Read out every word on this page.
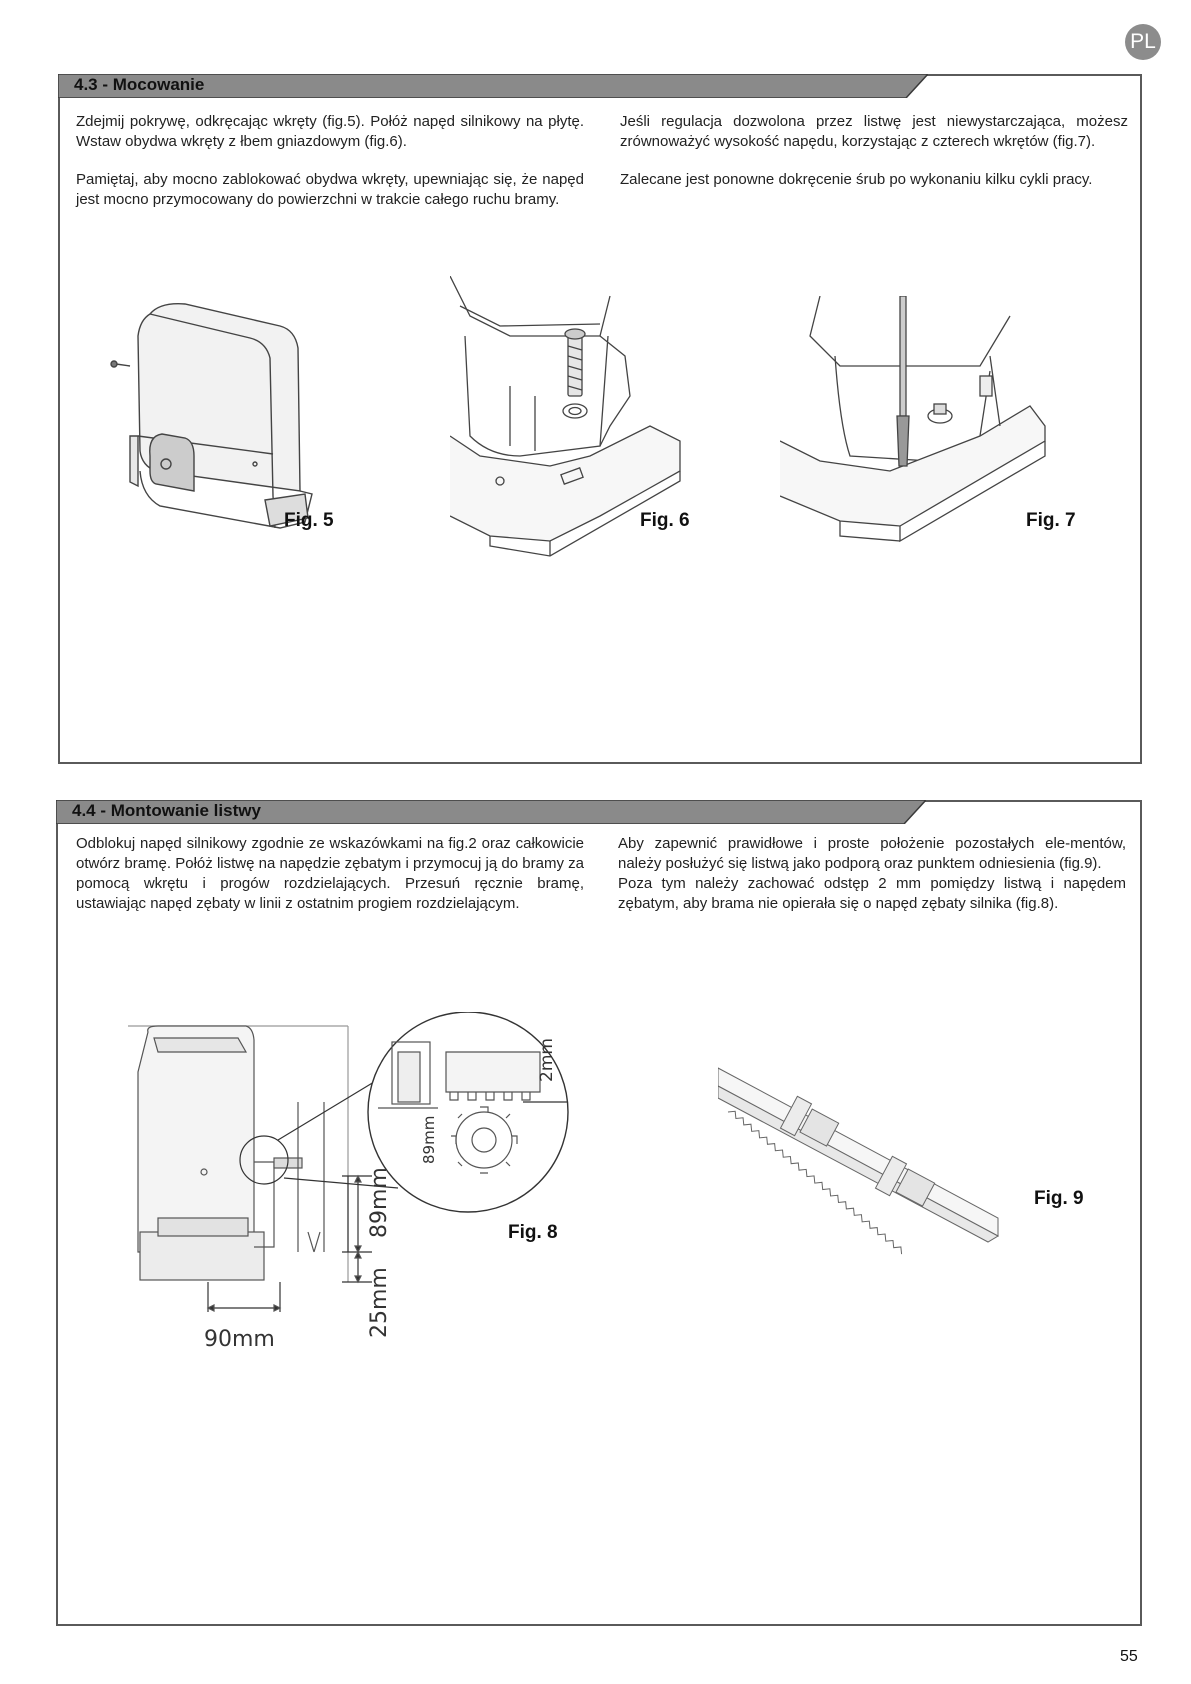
PL
4.3 - Mocowanie

Zdejmij pokrywę, odkręcając wkręty (fig.5). Połóż napęd silnikowy na płytę. Wstaw obydwa wkręty z łbem gniazdowym (fig.6).

Pamiętaj, aby mocno zablokować obydwa wkręty, upewniając się, że napęd jest mocno przymocowany do powierzchni w trakcie całego ruchu bramy.

Jeśli regulacja dozwolona przez listwę jest niewystarczająca, możesz zrównoważyć wysokość napędu, korzystając z czterech wkrętów (fig.7).

Zalecane jest ponowne dokręcenie śrub po wykonaniu kilku cykli pracy.

Fig. 5	Fig. 6	Fig. 7
4.4 - Montowanie listwy

Odblokuj napęd silnikowy zgodnie ze wskazówkami na fig.2 oraz całkowicie otwórz bramę. Połóż listwę na napędzie zębatym i przymocuj ją do bramy za pomocą wkrętu i progów rozdzielających. Przesuń ręcznie bramę, ustawiając napęd zębaty w linii z ostatnim progiem rozdzielającym.

Aby zapewnić prawidłowe i proste położenie pozostałych ele-mentów, należy posłużyć się listwą jako podporą oraz punktem odniesienia (fig.9).

Poza tym należy zachować odstęp 2 mm pomiędzy listwą i napędem zębatym, aby brama nie opierała się o napęd zębaty silnika (fig.8).

2mm
89mm
89mm
25mm
90mm
Fig. 8
Fig. 9
55
